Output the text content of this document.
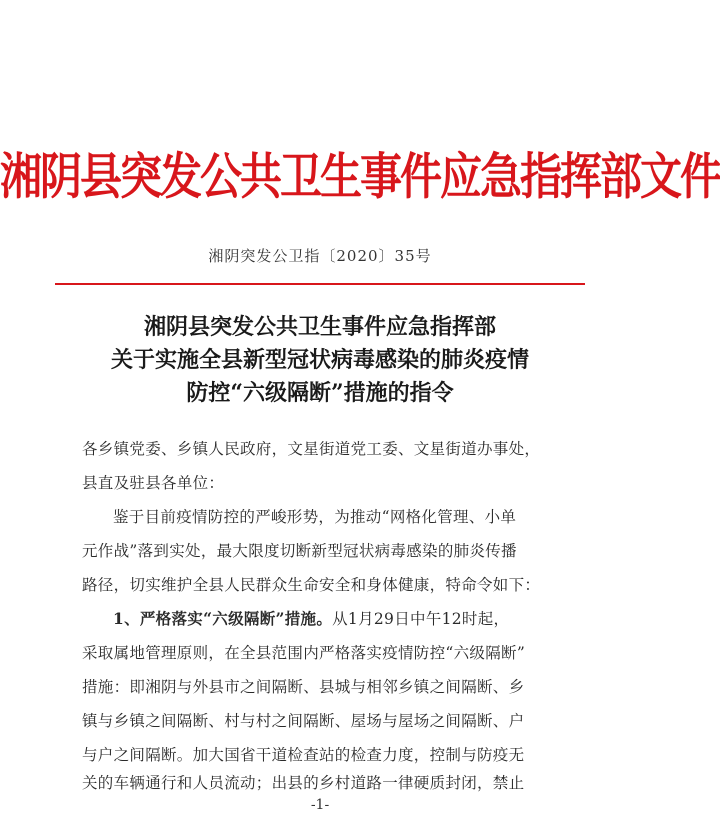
湘阴县突发公共卫生事件应急指挥部文件
湘阴突发公卫指〔2020〕35号
湘阴县突发公共卫生事件应急指挥部
关于实施全县新型冠状病毒感染的肺炎疫情
防控“六级隔断”措施的指令
各乡镇党委、乡镇人民政府，文星街道党工委、文星街道办事处，
县直及驻县各单位：
鉴于目前疫情防控的严峻形势，为推动“网格化管理、小单
元作战”落到实处，最大限度切断新型冠状病毒感染的肺炎传播
路径，切实维护全县人民群众生命安全和身体健康，特命令如下：
1、严格落实“六级隔断”措施。从1月29日中午12时起，
采取属地管理原则，在全县范围内严格落实疫情防控“六级隔断”
措施：即湘阴与外县市之间隔断、县城与相邻乡镇之间隔断、乡
镇与乡镇之间隔断、村与村之间隔断、屋场与屋场之间隔断、户
与户之间隔断。加大国省干道检查站的检查力度，控制与防疫无
关的车辆通行和人员流动；出县的乡村道路一律硬质封闭，禁止
-1-
